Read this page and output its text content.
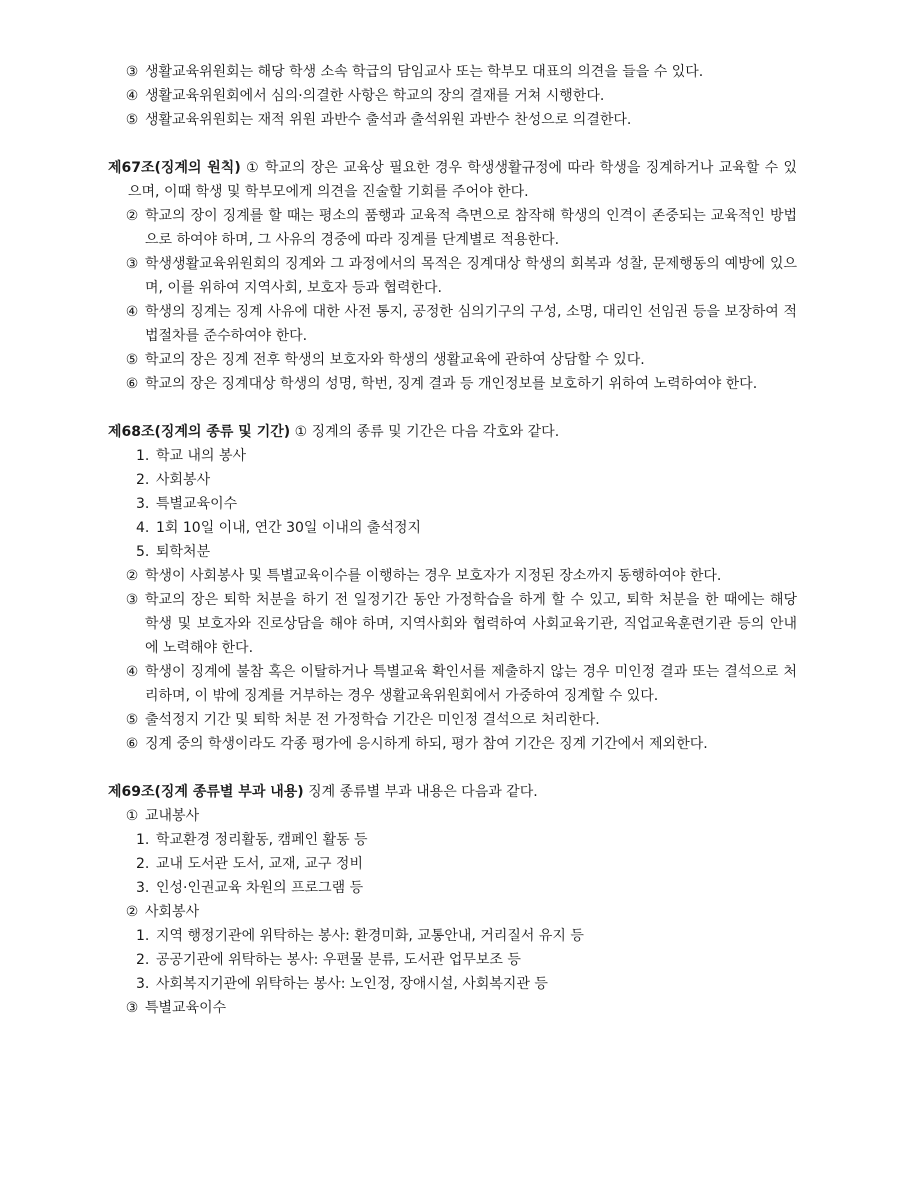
③ 생활교육위원회는 해당 학생 소속 학급의 담임교사 또는 학부모 대표의 의견을 들을 수 있다.
④ 생활교육위원회에서 심의·의결한 사항은 학교의 장의 결재를 거쳐 시행한다.
⑤ 생활교육위원회는 재적 위원 과반수 출석과 출석위원 과반수 찬성으로 의결한다.
제67조(징계의 원칙) ① 학교의 장은 교육상 필요한 경우 학생생활규정에 따라 학생을 징계하거나 교육할 수 있으며, 이때 학생 및 학부모에게 의견을 진술할 기회를 주어야 한다.
② 학교의 장이 징계를 할 때는 평소의 품행과 교육적 측면으로 참작해 학생의 인격이 존중되는 교육적인 방법으로 하여야 하며, 그 사유의 경중에 따라 징계를 단계별로 적용한다.
③ 학생생활교육위원회의 징계와 그 과정에서의 목적은 징계대상 학생의 회복과 성찰, 문제행동의 예방에 있으며, 이를 위하여 지역사회, 보호자 등과 협력한다.
④ 학생의 징계는 징계 사유에 대한 사전 통지, 공정한 심의기구의 구성, 소명, 대리인 선임권 등을 보장하여 적법절차를 준수하여야 한다.
⑤ 학교의 장은 징계 전후 학생의 보호자와 학생의 생활교육에 관하여 상담할 수 있다.
⑥ 학교의 장은 징계대상 학생의 성명, 학번, 징계 결과 등 개인정보를 보호하기 위하여 노력하여야 한다.
제68조(징계의 종류 및 기간) ① 징계의 종류 및 기간은 다음 각호와 같다.
1. 학교 내의 봉사
2. 사회봉사
3. 특별교육이수
4. 1회 10일 이내, 연간 30일 이내의 출석정지
5. 퇴학처분
② 학생이 사회봉사 및 특별교육이수를 이행하는 경우 보호자가 지정된 장소까지 동행하여야 한다.
③ 학교의 장은 퇴학 처분을 하기 전 일정기간 동안 가정학습을 하게 할 수 있고, 퇴학 처분을 한 때에는 해당 학생 및 보호자와 진로상담을 해야 하며, 지역사회와 협력하여 사회교육기관, 직업교육훈련기관 등의 안내에 노력해야 한다.
④ 학생이 징계에 불참 혹은 이탈하거나 특별교육 확인서를 제출하지 않는 경우 미인정 결과 또는 결석으로 처리하며, 이 밖에 징계를 거부하는 경우 생활교육위원회에서 가중하여 징계할 수 있다.
⑤ 출석정지 기간 및 퇴학 처분 전 가정학습 기간은 미인정 결석으로 처리한다.
⑥ 징계 중의 학생이라도 각종 평가에 응시하게 하되, 평가 참여 기간은 징계 기간에서 제외한다.
제69조(징계 종류별 부과 내용) 징계 종류별 부과 내용은 다음과 같다.
① 교내봉사
1. 학교환경 정리활동, 캠페인 활동 등
2. 교내 도서관 도서, 교재, 교구 정비
3. 인성·인권교육 차원의 프로그램 등
② 사회봉사
1. 지역 행정기관에 위탁하는 봉사: 환경미화, 교통안내, 거리질서 유지 등
2. 공공기관에 위탁하는 봉사: 우편물 분류, 도서관 업무보조 등
3. 사회복지기관에 위탁하는 봉사: 노인정, 장애시설, 사회복지관 등
③ 특별교육이수
